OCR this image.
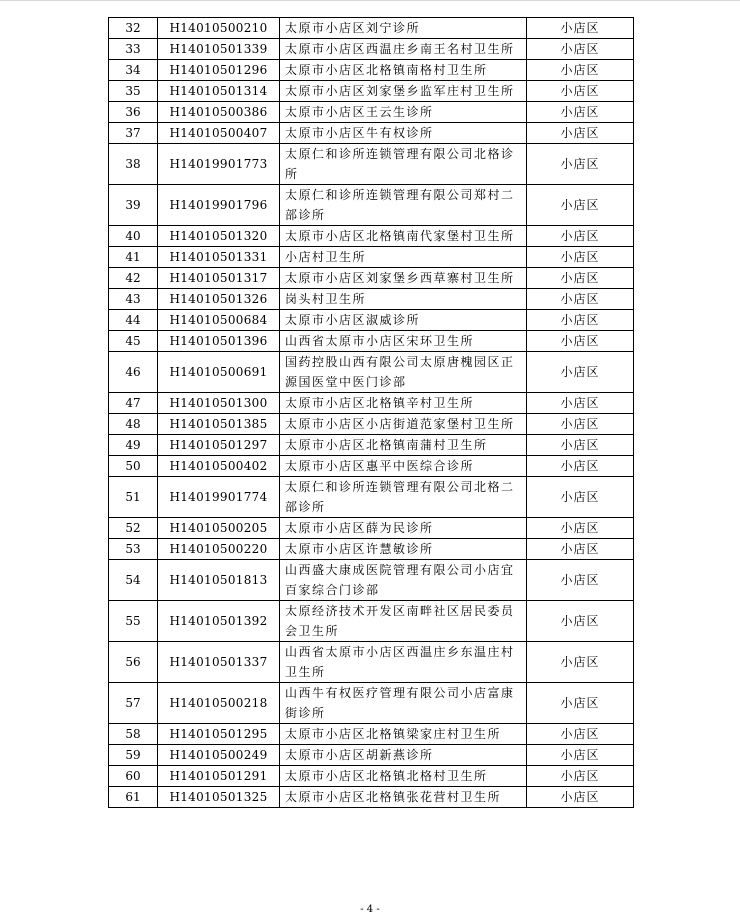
32	H14010500210	太原市小店区刘宁诊所	小店区
33	H14010501339	太原市小店区西温庄乡南王名村卫生所	小店区
34	H14010501296	太原市小店区北格镇南格村卫生所	小店区
35	H14010501314	太原市小店区刘家堡乡监军庄村卫生所	小店区
36	H14010500386	太原市小店区王云生诊所	小店区
37	H14010500407	太原市小店区牛有权诊所	小店区
38	H14019901773	太原仁和诊所连锁管理有限公司北格诊所	小店区
39	H14019901796	太原仁和诊所连锁管理有限公司郑村二部诊所	小店区
40	H14010501320	太原市小店区北格镇南代家堡村卫生所	小店区
41	H14010501331	小店村卫生所	小店区
42	H14010501317	太原市小店区刘家堡乡西草寨村卫生所	小店区
43	H14010501326	岗头村卫生所	小店区
44	H14010500684	太原市小店区淑威诊所	小店区
45	H14010501396	山西省太原市小店区宋环卫生所	小店区
46	H14010500691	国药控股山西有限公司太原唐槐园区正源国医堂中医门诊部	小店区
47	H14010501300	太原市小店区北格镇辛村卫生所	小店区
48	H14010501385	太原市小店区小店街道范家堡村卫生所	小店区
49	H14010501297	太原市小店区北格镇南蒲村卫生所	小店区
50	H14010500402	太原市小店区惠平中医综合诊所	小店区
51	H14019901774	太原仁和诊所连锁管理有限公司北格二部诊所	小店区
52	H14010500205	太原市小店区薛为民诊所	小店区
53	H14010500220	太原市小店区许慧敏诊所	小店区
54	H14010501813	山西盛大康成医院管理有限公司小店宜百家综合门诊部	小店区
55	H14010501392	太原经济技术开发区南畔社区居民委员会卫生所	小店区
56	H14010501337	山西省太原市小店区西温庄乡东温庄村卫生所	小店区
57	H14010500218	山西牛有权医疗管理有限公司小店富康街诊所	小店区
58	H14010501295	太原市小店区北格镇梁家庄村卫生所	小店区
59	H14010500249	太原市小店区胡新燕诊所	小店区
60	H14010501291	太原市小店区北格镇北格村卫生所	小店区
61	H14010501325	太原市小店区北格镇张花营村卫生所	小店区
- 4 -
